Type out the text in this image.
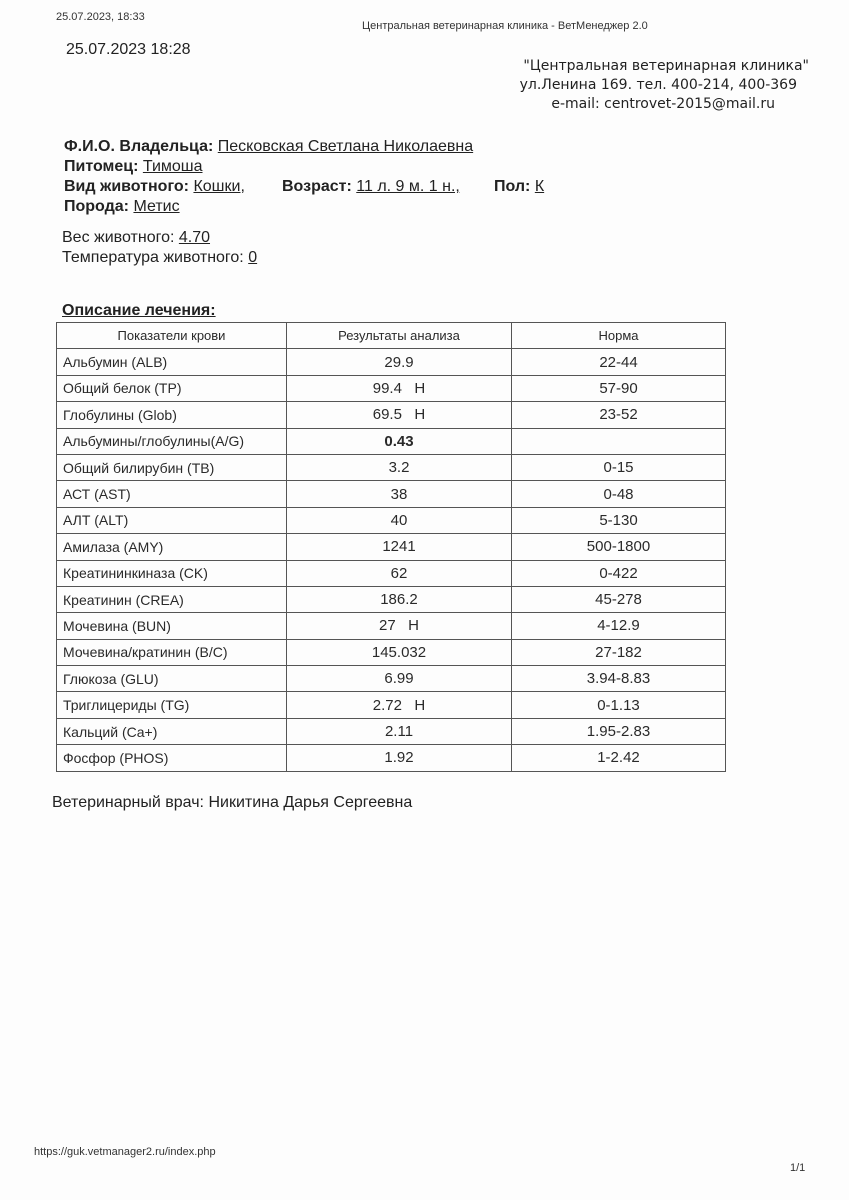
25.07.2023, 18:33
Центральная ветеринарная клиника - ВетМенеджер 2.0
25.07.2023 18:28
"Центральная ветеринарная клиника"
ул.Ленина 169. тел. 400-214, 400-369
e-mail: centrovet-2015@mail.ru
Ф.И.О. Владельца: Песковская Светлана Николаевна
Питомец: Тимоша
Вид животного: Кошки, Возраст: 11 л. 9 м. 1 н., Пол: К
Порода: Метис
Вес животного: 4.70
Температура животного: 0
Описание лечения:
Показатели крови	Результаты анализа	Норма
Альбумин (ALB)	29.9	22-44
Общий белок (TP)	99.4   H	57-90
Глобулины (Glob)	69.5   H	23-52
Альбумины/глобулины(A/G)	0.43	
Общий билирубин (TB)	3.2	0-15
АСТ (AST)	38	0-48
АЛТ (ALT)	40	5-130
Амилаза (AMY)	1241	500-1800
Креатининкиназа (CK)	62	0-422
Креатинин (CREA)	186.2	45-278
Мочевина (BUN)	27   H	4-12.9
Мочевина/кратинин (B/C)	145.032	27-182
Глюкоза (GLU)	6.99	3.94-8.83
Триглицериды (TG)	2.72   H	0-1.13
Кальций (Ca+)	2.11	1.95-2.83
Фосфор (PHOS)	1.92	1-2.42
Ветеринарный врач: Никитина Дарья Сергеевна
https://guk.vetmanager2.ru/index.php
1/1
